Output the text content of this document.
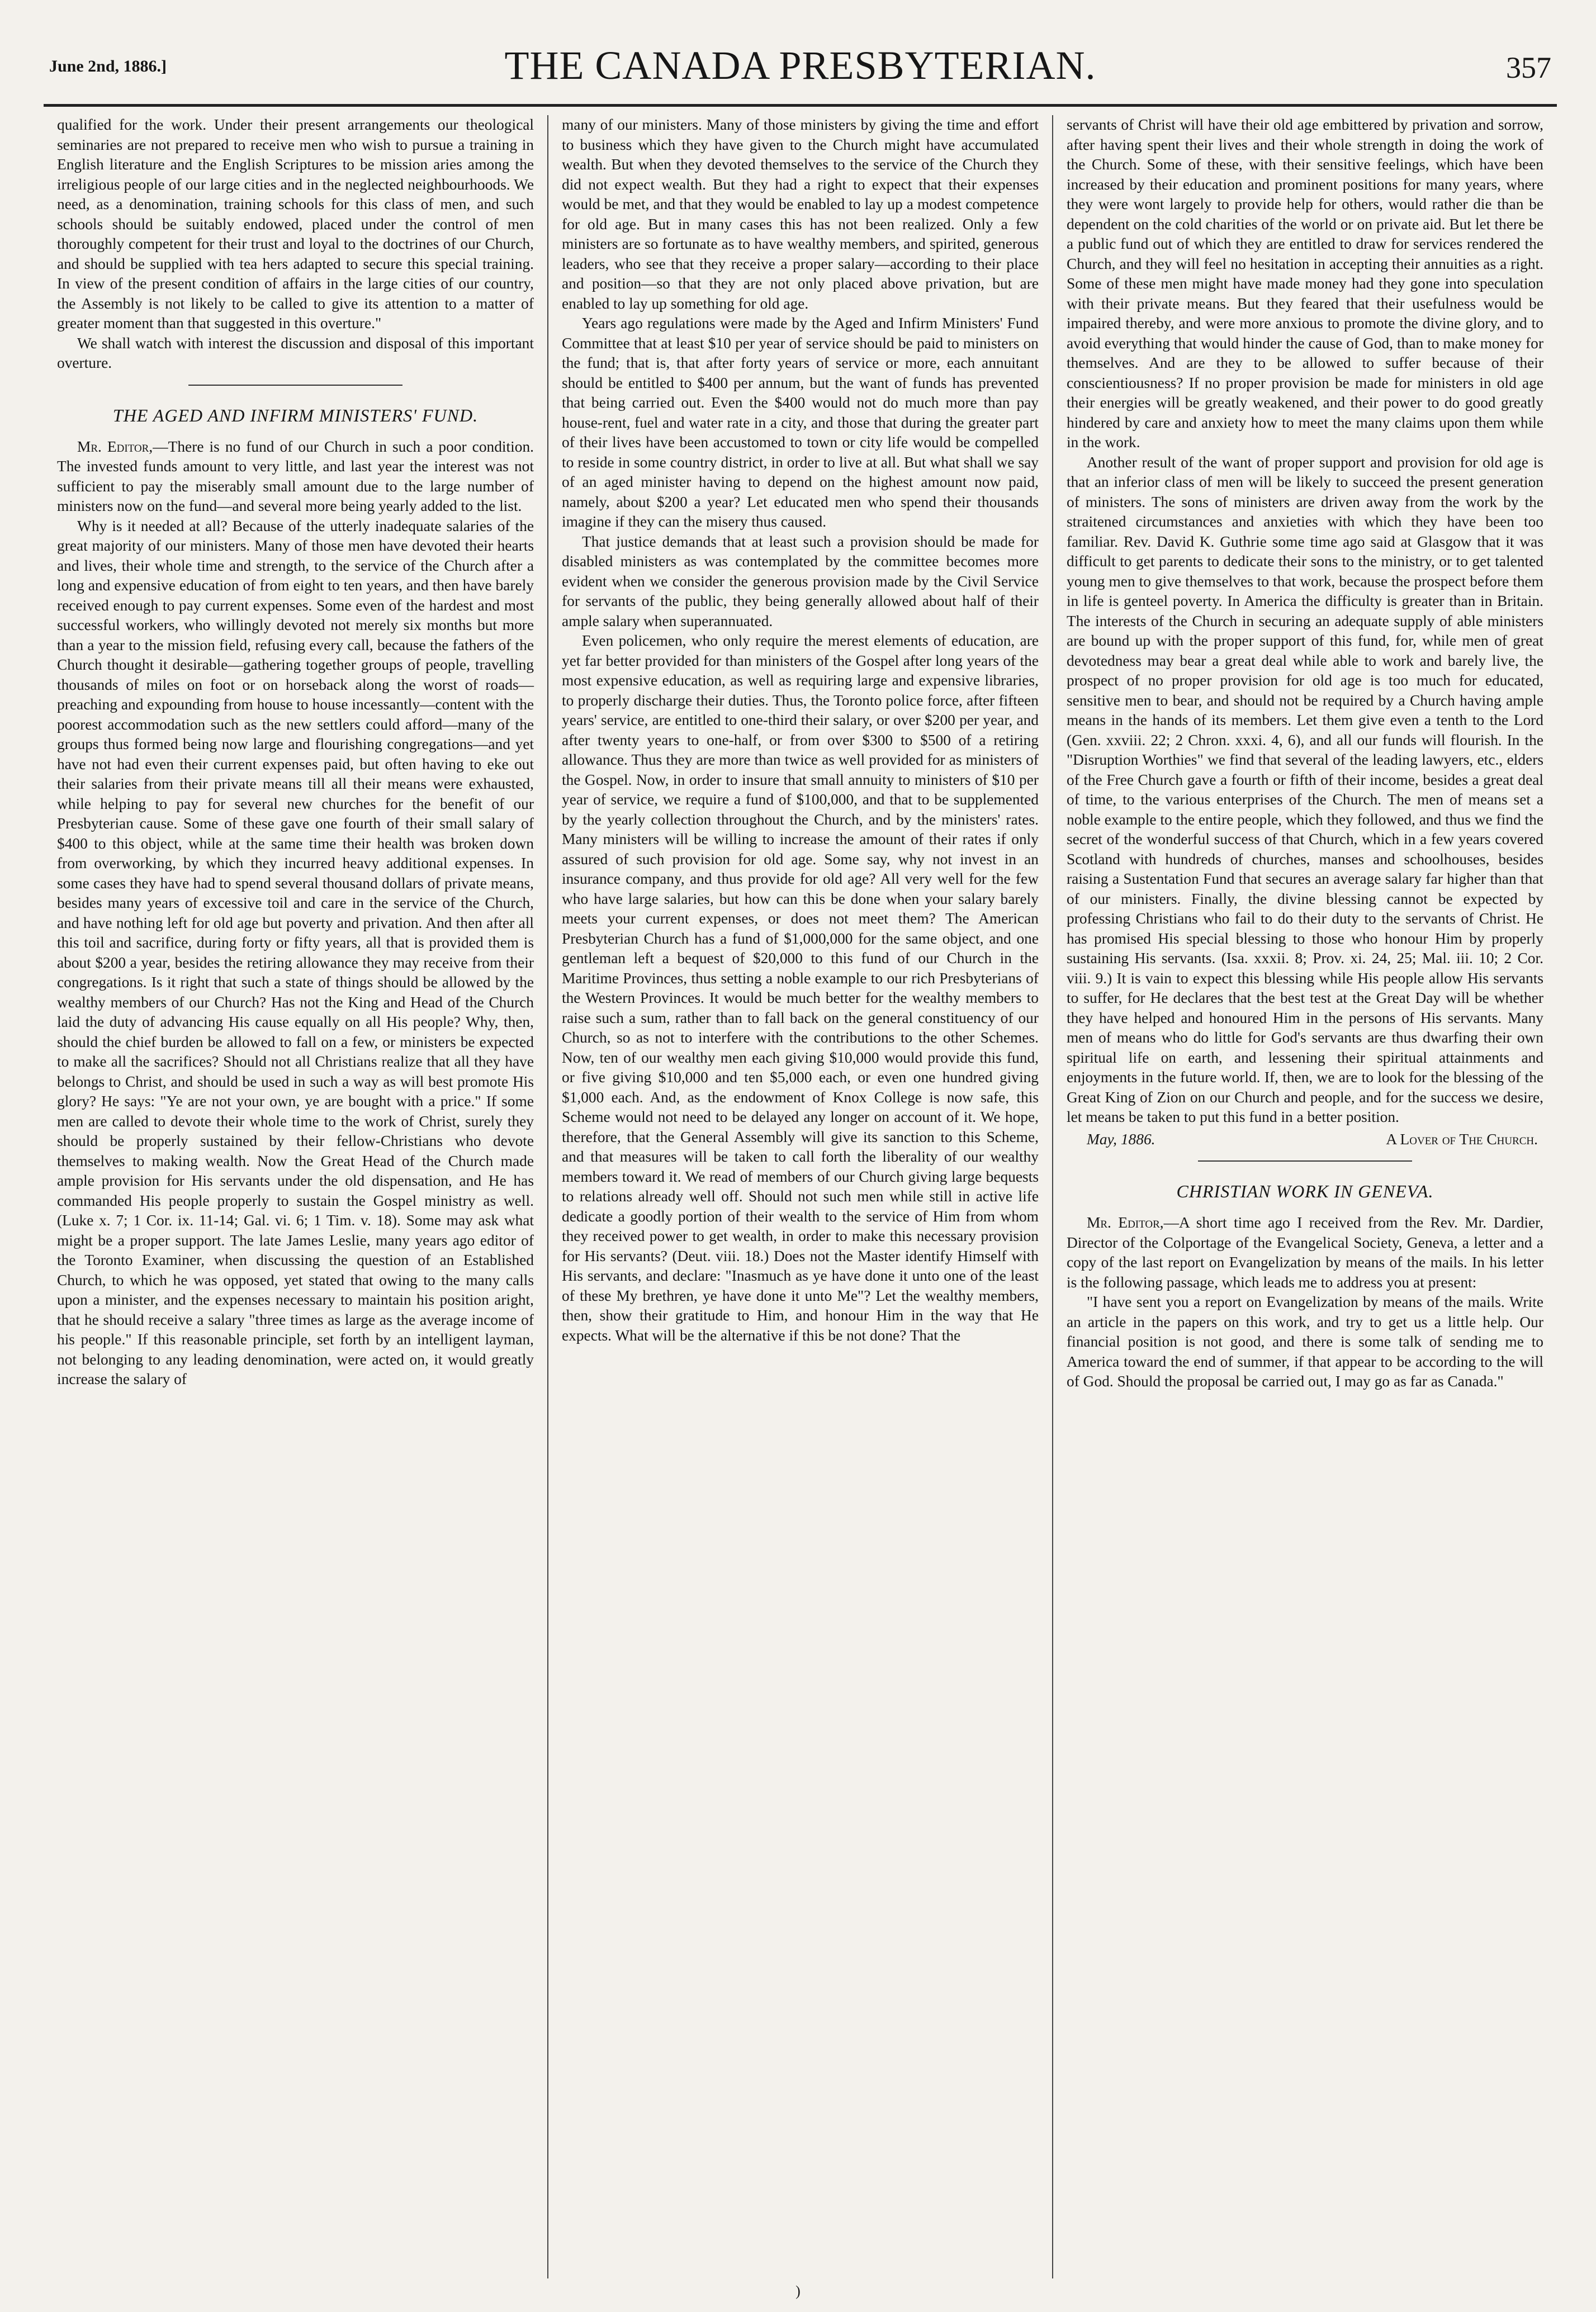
June 2nd, 1886.]	THE CANADA PRESBYTERIAN.	357

qualified for the work. Under their present arrangements our theological seminaries are not prepared to receive men who wish to pursue a training in English literature and the English Scriptures to be mission aries among the irreligious people of our large cities and in the neglected neighbourhoods. We need, as a denomination, training schools for this class of men, and such schools should be suitably endowed, placed under the control of men thoroughly competent for their trust and loyal to the doctrines of our Church, and should be supplied with tea hers adapted to secure this special training. In view of the present condition of affairs in the large cities of our country, the Assembly is not likely to be called to give its attention to a matter of greater moment than that suggested in this overture."

We shall watch with interest the discussion and disposal of this important overture.

THE AGED AND INFIRM MINISTERS' FUND.

Mr. Editor,—There is no fund of our Church in such a poor condition. The invested funds amount to very little, and last year the interest was not sufficient to pay the miserably small amount due to the large number of ministers now on the fund—and several more being yearly added to the list.

Why is it needed at all? Because of the utterly inadequate salaries of the great majority of our ministers. Many of those men have devoted their hearts and lives, their whole time and strength, to the service of the Church after a long and expensive education of from eight to ten years, and then have barely received enough to pay current expenses. Some even of the hardest and most successful workers, who willingly devoted not merely six months but more than a year to the mission field, refusing every call, because the fathers of the Church thought it desirable—gathering together groups of people, travelling thousands of miles on foot or on horseback along the worst of roads—preaching and expounding from house to house incessantly—content with the poorest accommodation such as the new settlers could afford—many of the groups thus formed being now large and flourishing congregations—and yet have not had even their current expenses paid, but often having to eke out their salaries from their private means till all their means were exhausted, while helping to pay for several new churches for the benefit of our Presbyterian cause. Some of these gave one fourth of their small salary of $400 to this object, while at the same time their health was broken down from overworking, by which they incurred heavy additional expenses. In some cases they have had to spend several thousand dollars of private means, besides many years of excessive toil and care in the service of the Church, and have nothing left for old age but poverty and privation. And then after all this toil and sacrifice, during forty or fifty years, all that is provided them is about $200 a year, besides the retiring allowance they may receive from their congregations. Is it right that such a state of things should be allowed by the wealthy members of our Church? Has not the King and Head of the Church laid the duty of advancing His cause equally on all His people? Why, then, should the chief burden be allowed to fall on a few, or ministers be expected to make all the sacrifices? Should not all Christians realize that all they have belongs to Christ, and should be used in such a way as will best promote His glory? He says: "Ye are not your own, ye are bought with a price." If some men are called to devote their whole time to the work of Christ, surely they should be properly sustained by their fellow-Christians who devote themselves to making wealth. Now the Great Head of the Church made ample provision for His servants under the old dispensation, and He has commanded His people properly to sustain the Gospel ministry as well. (Luke x. 7; 1 Cor. ix. 11-14; Gal. vi. 6; 1 Tim. v. 18). Some may ask what might be a proper support. The late James Leslie, many years ago editor of the Toronto Examiner, when discussing the question of an Established Church, to which he was opposed, yet stated that owing to the many calls upon a minister, and the expenses necessary to maintain his position aright, that he should receive a salary "three times as large as the average income of his people." If this reasonable principle, set forth by an intelligent layman, not belonging to any leading denomination, were acted on, it would greatly increase the salary of

many of our ministers. Many of those ministers by giving the time and effort to business which they have given to the Church might have accumulated wealth. But when they devoted themselves to the service of the Church they did not expect wealth. But they had a right to expect that their expenses would be met, and that they would be enabled to lay up a modest competence for old age. But in many cases this has not been realized. Only a few ministers are so fortunate as to have wealthy members, and spirited, generous leaders, who see that they receive a proper salary—according to their place and position—so that they are not only placed above privation, but are enabled to lay up something for old age.

Years ago regulations were made by the Aged and Infirm Ministers' Fund Committee that at least $10 per year of service should be paid to ministers on the fund; that is, that after forty years of service or more, each annuitant should be entitled to $400 per annum, but the want of funds has prevented that being carried out. Even the $400 would not do much more than pay house-rent, fuel and water rate in a city, and those that during the greater part of their lives have been accustomed to town or city life would be compelled to reside in some country district, in order to live at all. But what shall we say of an aged minister having to depend on the highest amount now paid, namely, about $200 a year? Let educated men who spend their thousands imagine if they can the misery thus caused.

That justice demands that at least such a provision should be made for disabled ministers as was contemplated by the committee becomes more evident when we consider the generous provision made by the Civil Service for servants of the public, they being generally allowed about half of their ample salary when superannuated.

Even policemen, who only require the merest elements of education, are yet far better provided for than ministers of the Gospel after long years of the most expensive education, as well as requiring large and expensive libraries, to properly discharge their duties. Thus, the Toronto police force, after fifteen years' service, are entitled to one-third their salary, or over $200 per year, and after twenty years to one-half, or from over $300 to $500 of a retiring allowance. Thus they are more than twice as well provided for as ministers of the Gospel. Now, in order to insure that small annuity to ministers of $10 per year of service, we require a fund of $100,000, and that to be supplemented by the yearly collection throughout the Church, and by the ministers' rates. Many ministers will be willing to increase the amount of their rates if only assured of such provision for old age. Some say, why not invest in an insurance company, and thus provide for old age? All very well for the few who have large salaries, but how can this be done when your salary barely meets your current expenses, or does not meet them? The American Presbyterian Church has a fund of $1,000,000 for the same object, and one gentleman left a bequest of $20,000 to this fund of our Church in the Maritime Provinces, thus setting a noble example to our rich Presbyterians of the Western Provinces. It would be much better for the wealthy members to raise such a sum, rather than to fall back on the general constituency of our Church, so as not to interfere with the contributions to the other Schemes. Now, ten of our wealthy men each giving $10,000 would provide this fund, or five giving $10,000 and ten $5,000 each, or even one hundred giving $1,000 each. And, as the endowment of Knox College is now safe, this Scheme would not need to be delayed any longer on account of it. We hope, therefore, that the General Assembly will give its sanction to this Scheme, and that measures will be taken to call forth the liberality of our wealthy members toward it. We read of members of our Church giving large bequests to relations already well off. Should not such men while still in active life dedicate a goodly portion of their wealth to the service of Him from whom they received power to get wealth, in order to make this necessary provision for His servants? (Deut. viii. 18.) Does not the Master identify Himself with His servants, and declare: "Inasmuch as ye have done it unto one of the least of these My brethren, ye have done it unto Me"? Let the wealthy members, then, show their gratitude to Him, and honour Him in the way that He expects. What will be the alternative if this be not done? That the

servants of Christ will have their old age embittered by privation and sorrow, after having spent their lives and their whole strength in doing the work of the Church. Some of these, with their sensitive feelings, which have been increased by their education and prominent positions for many years, where they were wont largely to provide help for others, would rather die than be dependent on the cold charities of the world or on private aid. But let there be a public fund out of which they are entitled to draw for services rendered the Church, and they will feel no hesitation in accepting their annuities as a right. Some of these men might have made money had they gone into speculation with their private means. But they feared that their usefulness would be impaired thereby, and were more anxious to promote the divine glory, and to avoid everything that would hinder the cause of God, than to make money for themselves. And are they to be allowed to suffer because of their conscientiousness? If no proper provision be made for ministers in old age their energies will be greatly weakened, and their power to do good greatly hindered by care and anxiety how to meet the many claims upon them while in the work.

Another result of the want of proper support and provision for old age is that an inferior class of men will be likely to succeed the present generation of ministers. The sons of ministers are driven away from the work by the straitened circumstances and anxieties with which they have been too familiar. Rev. David K. Guthrie some time ago said at Glasgow that it was difficult to get parents to dedicate their sons to the ministry, or to get talented young men to give themselves to that work, because the prospect before them in life is genteel poverty. In America the difficulty is greater than in Britain. The interests of the Church in securing an adequate supply of able ministers are bound up with the proper support of this fund, for, while men of great devotedness may bear a great deal while able to work and barely live, the prospect of no proper provision for old age is too much for educated, sensitive men to bear, and should not be required by a Church having ample means in the hands of its members. Let them give even a tenth to the Lord (Gen. xxviii. 22; 2 Chron. xxxi. 4, 6), and all our funds will flourish. In the "Disruption Worthies" we find that several of the leading lawyers, etc., elders of the Free Church gave a fourth or fifth of their income, besides a great deal of time, to the various enterprises of the Church. The men of means set a noble example to the entire people, which they followed, and thus we find the secret of the wonderful success of that Church, which in a few years covered Scotland with hundreds of churches, manses and schoolhouses, besides raising a Sustentation Fund that secures an average salary far higher than that of our ministers. Finally, the divine blessing cannot be expected by professing Christians who fail to do their duty to the servants of Christ. He has promised His special blessing to those who honour Him by properly sustaining His servants. (Isa. xxxii. 8; Prov. xi. 24, 25; Mal. iii. 10; 2 Cor. viii. 9.) It is vain to expect this blessing while His people allow His servants to suffer, for He declares that the best test at the Great Day will be whether they have helped and honoured Him in the persons of His servants. Many men of means who do little for God's servants are thus dwarfing their own spiritual life on earth, and lessening their spiritual attainments and enjoyments in the future world. If, then, we are to look for the blessing of the Great King of Zion on our Church and people, and for the success we desire, let means be taken to put this fund in a better position.

May, 1886.	A Lover of The Church.
CHRISTIAN WORK IN GENEVA.

Mr. Editor,—A short time ago I received from the Rev. Mr. Dardier, Director of the Colportage of the Evangelical Society, Geneva, a letter and a copy of the last report on Evangelization by means of the mails. In his letter is the following passage, which leads me to address you at present:

"I have sent you a report on Evangelization by means of the mails. Write an article in the papers on this work, and try to get us a little help. Our financial position is not good, and there is some talk of sending me to America toward the end of summer, if that appear to be according to the will of God. Should the proposal be carried out, I may go as far as Canada."

)
